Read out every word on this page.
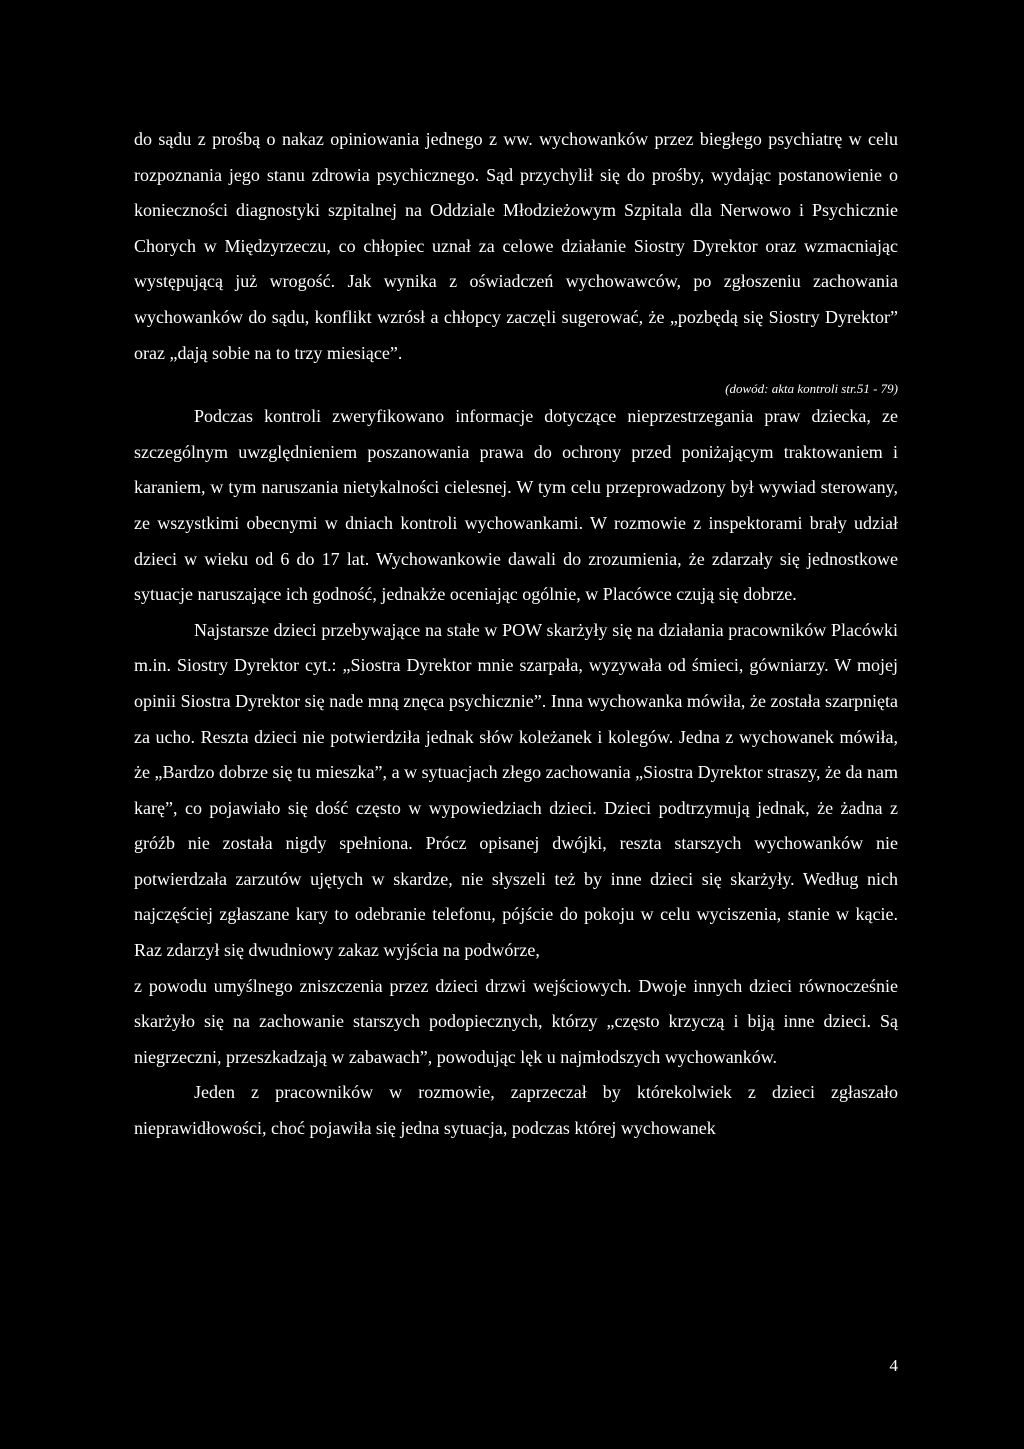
do sądu z prośbą o nakaz opiniowania jednego z ww. wychowanków przez biegłego psychiatrę w celu rozpoznania jego stanu zdrowia psychicznego. Sąd przychylił się do prośby, wydając postanowienie o konieczności diagnostyki szpitalnej na Oddziale Młodzieżowym Szpitala dla Nerwowo i Psychicznie Chorych w Międzyrzeczu, co chłopiec uznał za celowe działanie Siostry Dyrektor oraz wzmacniając występującą już wrogość. Jak wynika z oświadczeń wychowawców, po zgłoszeniu zachowania wychowanków do sądu, konflikt wzrósł a chłopcy zaczęli sugerować, że „pozbędą się Siostry Dyrektor” oraz „dają sobie na to trzy miesiące”.

(dowód: akta kontroli str.51 - 79)

Podczas kontroli zweryfikowano informacje dotyczące nieprzestrzegania praw dziecka, ze szczególnym uwzględnieniem poszanowania prawa do ochrony przed poniżającym traktowaniem i karaniem, w tym naruszania nietykalności cielesnej. W tym celu przeprowadzony był wywiad sterowany, ze wszystkimi obecnymi w dniach kontroli wychowankami. W rozmowie z inspektorami brały udział dzieci w wieku od 6 do 17 lat. Wychowankowie dawali do zrozumienia, że zdarzały się jednostkowe sytuacje naruszające ich godność, jednakże oceniając ogólnie, w Placówce czują się dobrze.

Najstarsze dzieci przebywające na stałe w POW skarżyły się na działania pracowników Placówki m.in. Siostry Dyrektor cyt.: „Siostra Dyrektor mnie szarpała, wyzywała od śmieci, gówniarzy. W mojej opinii Siostra Dyrektor się nade mną znęca psychicznie”. Inna wychowanka mówiła, że została szarpnięta za ucho. Reszta dzieci nie potwierdziła jednak słów koleżanek i kolegów. Jedna z wychowanek mówiła, że „Bardzo dobrze się tu mieszka”, a w sytuacjach złego zachowania „Siostra Dyrektor straszy, że da nam karę”, co pojawiało się dość często w wypowiedziach dzieci. Dzieci podtrzymują jednak, że żadna z gróźb nie została nigdy spełniona. Prócz opisanej dwójki, reszta starszych wychowanków nie potwierdzała zarzutów ujętych w skardze, nie słyszeli też by inne dzieci się skarżyły. Według nich najczęściej zgłaszane kary to odebranie telefonu, pójście do pokoju w celu wyciszenia, stanie w kącie. Raz zdarzył się dwudniowy zakaz wyjścia na podwórze,

z powodu umyślnego zniszczenia przez dzieci drzwi wejściowych. Dwoje innych dzieci równocześnie skarżyło się na zachowanie starszych podopiecznych, którzy „często krzyczą i biją inne dzieci. Są niegrzeczni, przeszkadzają w zabawach”, powodując lęk u najmłodszych wychowanków.

Jeden z pracowników w rozmowie, zaprzeczał by którekolwiek z dzieci zgłaszało nieprawidłowości, choć pojawiła się jedna sytuacja, podczas której wychowanek

4
